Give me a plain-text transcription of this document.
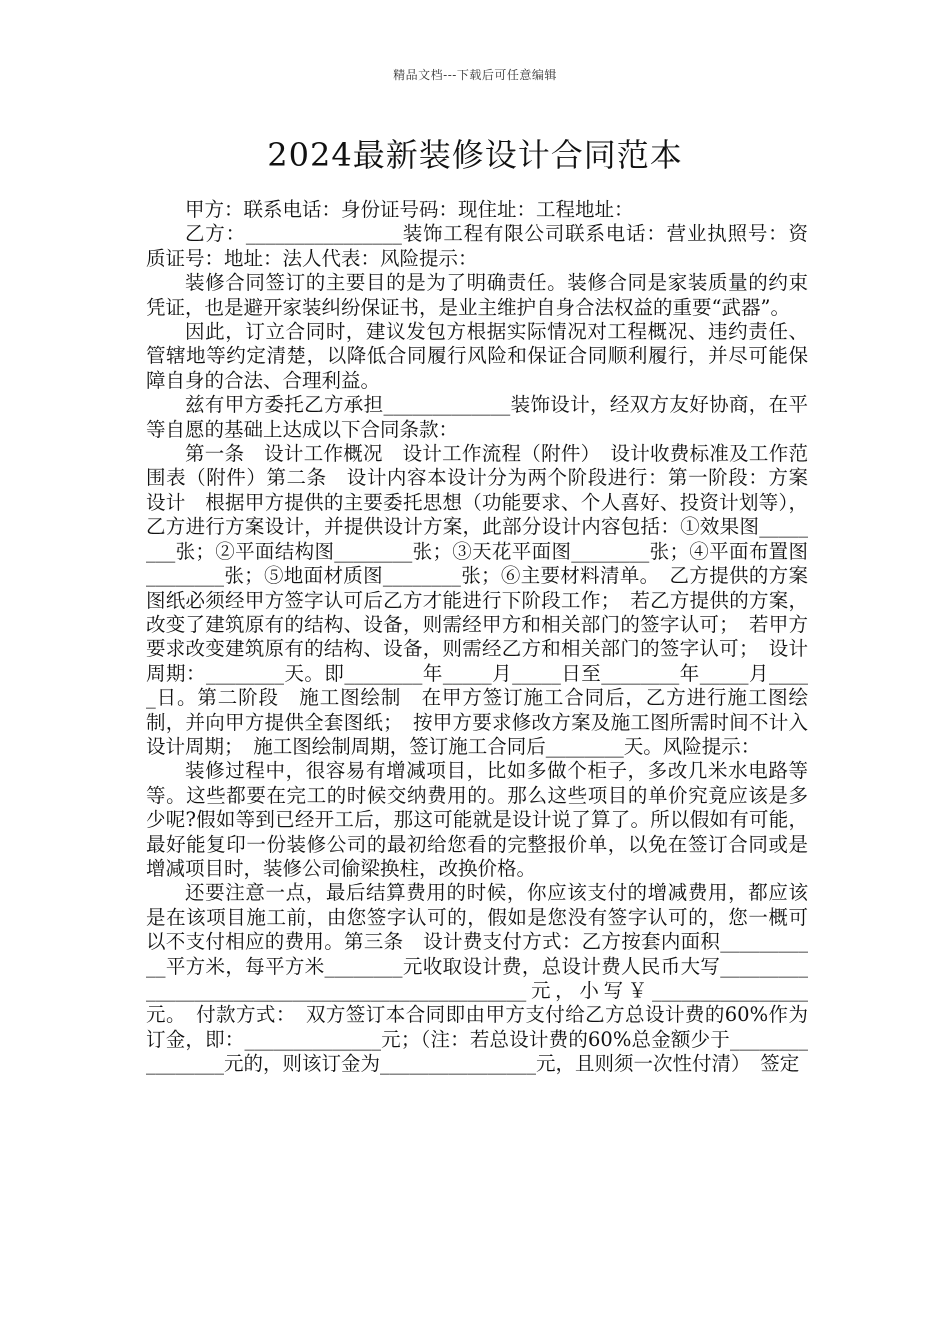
精品文档---下载后可任意编辑
2024最新装修设计合同范本

甲方：联系电话：身份证号码：现住址：工程地址：

乙方：________________装饰工程有限公司联系电话：营业执照号：资质证号：地址：法人代表：风险提示：

装修合同签订的主要目的是为了明确责任。装修合同是家装质量的约束凭证，也是避开家装纠纷保证书，是业主维护自身合法权益的重要“武器”。

因此，订立合同时，建议发包方根据实际情况对工程概况、违约责任、管辖地等约定清楚，以降低合同履行风险和保证合同顺利履行，并尽可能保障自身的合法、合理利益。

兹有甲方委托乙方承担_____________装饰设计，经双方友好协商，在平等自愿的基础上达成以下合同条款：

第一条　设计工作概况　设计工作流程（附件）　设计收费标准及工作范围表（附件）第二条　设计内容本设计分为两个阶段进行：第一阶段：方案设计　根据甲方提供的主要委托思想（功能要求、个人喜好、投资计划等），乙方进行方案设计，并提供设计方案，此部分设计内容包括：①效果图________张；②平面结构图________张；③天花平面图________张；④平面布置图________张；⑤地面材质图________张；⑥主要材料清单。　乙方提供的方案图纸必须经甲方签字认可后乙方才能进行下阶段工作；　若乙方提供的方案，改变了建筑原有的结构、设备，则需经甲方和相关部门的签字认可；　若甲方要求改变建筑原有的结构、设备，则需经乙方和相关部门的签字认可；　设计周期：________天。即________年_____月_____日至________年_____月_____日。第二阶段　施工图绘制　在甲方签订施工合同后，乙方进行施工图绘制，并向甲方提供全套图纸；　按甲方要求修改方案及施工图所需时间不计入设计周期；　施工图绘制周期，签订施工合同后________天。风险提示：

装修过程中，很容易有增减项目，比如多做个柜子，多改几米水电路等等。这些都要在完工的时候交纳费用的。那么这些项目的单价究竟应该是多少呢?假如等到已经开工后，那这可能就是设计说了算了。所以假如有可能，最好能复印一份装修公司的最初给您看的完整报价单，以免在签订合同或是增减项目时，装修公司偷梁换柱，改换价格。

还要注意一点，最后结算费用的时候，你应该支付的增减费用，都应该是在该项目施工前，由您签字认可的，假如是您没有签字认可的，您一概可以不支付相应的费用。第三条　设计费支付方式：乙方按套内面积___________平方米，每平方米________元收取设计费，总设计费人民币大写________________________________________________元，小写￥________________元。　付款方式：　双方签订本合同即由甲方支付给乙方总设计费的60%作为订金，即：______________元；（注：若总设计费的60%总金额少于________________元的，则该订金为________________元，且则须一次性付清）　签定
